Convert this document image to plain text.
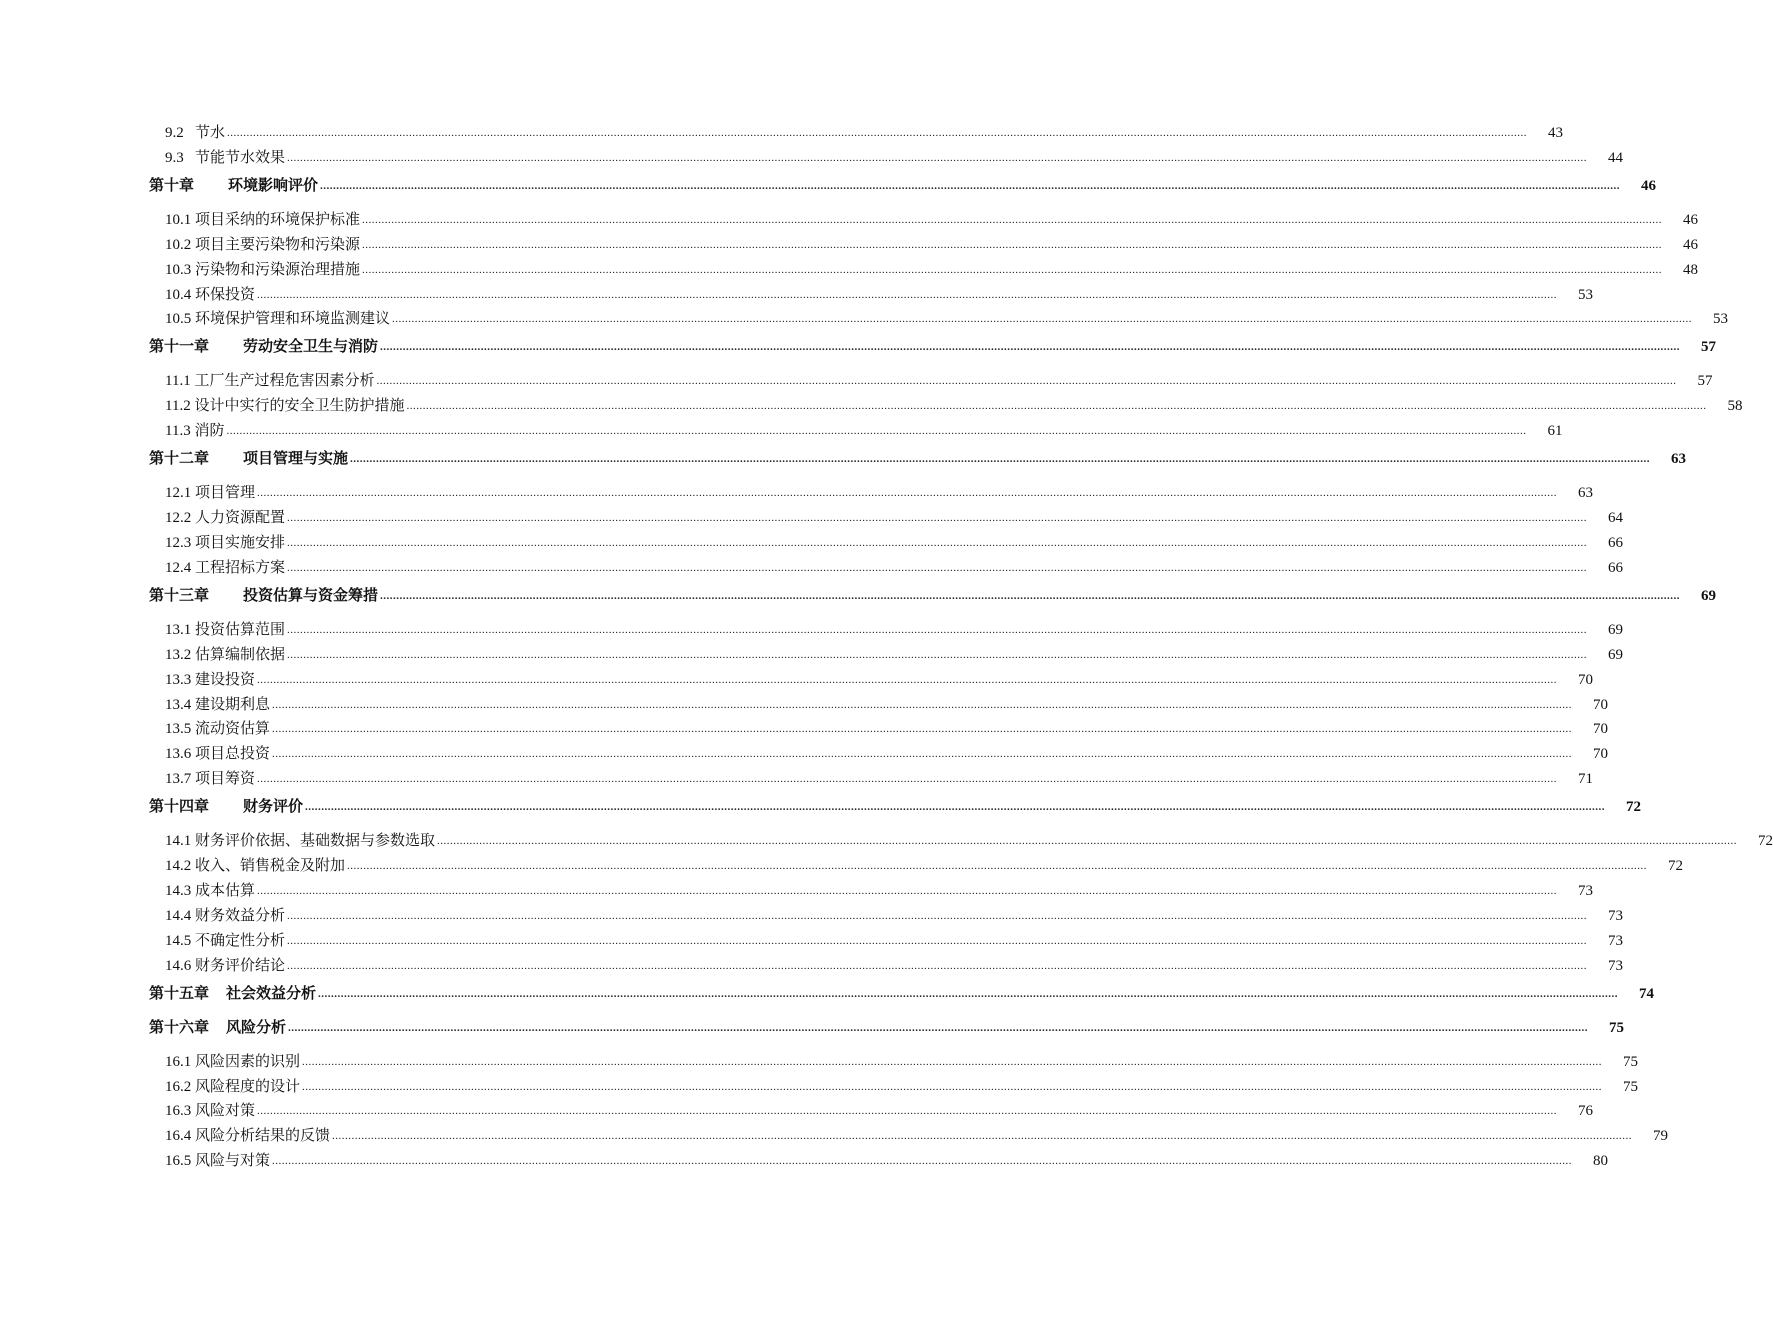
9.2 节水 ................................................................................................................................................................................................................................................................................................................................................................................................................	43
9.3 节能节水效果 ................................................................................................................................................................................................................................................................................................................................................................................................................	44
第十章 环境影响评价 ................................................................................................................................................................................................................................................................................................................................................................................................................	46
10.1 项目采纳的环境保护标准 ................................................................................................................................................................................................................................................................................................................................................................................................................	46
10.2 项目主要污染物和污染源 ................................................................................................................................................................................................................................................................................................................................................................................................................	46
10.3 污染物和污染源治理措施 ................................................................................................................................................................................................................................................................................................................................................................................................................	48
10.4 环保投资 ................................................................................................................................................................................................................................................................................................................................................................................................................	53
10.5 环境保护管理和环境监测建议 ................................................................................................................................................................................................................................................................................................................................................................................................................	53
第十一章 劳动安全卫生与消防 ................................................................................................................................................................................................................................................................................................................................................................................................................	57
11.1 工厂生产过程危害因素分析 ................................................................................................................................................................................................................................................................................................................................................................................................................	57
11.2 设计中实行的安全卫生防护措施 ................................................................................................................................................................................................................................................................................................................................................................................................................	58
11.3 消防 ................................................................................................................................................................................................................................................................................................................................................................................................................	61
第十二章 项目管理与实施 ................................................................................................................................................................................................................................................................................................................................................................................................................	63
12.1 项目管理 ................................................................................................................................................................................................................................................................................................................................................................................................................	63
12.2 人力资源配置 ................................................................................................................................................................................................................................................................................................................................................................................................................	64
12.3 项目实施安排 ................................................................................................................................................................................................................................................................................................................................................................................................................	66
12.4 工程招标方案 ................................................................................................................................................................................................................................................................................................................................................................................................................	66
第十三章 投资估算与资金筹措 ................................................................................................................................................................................................................................................................................................................................................................................................................	69
13.1 投资估算范围 ................................................................................................................................................................................................................................................................................................................................................................................................................	69
13.2 估算编制依据 ................................................................................................................................................................................................................................................................................................................................................................................................................	69
13.3 建设投资 ................................................................................................................................................................................................................................................................................................................................................................................................................	70
13.4 建设期利息 ................................................................................................................................................................................................................................................................................................................................................................................................................	70
13.5 流动资估算 ................................................................................................................................................................................................................................................................................................................................................................................................................	70
13.6 项目总投资 ................................................................................................................................................................................................................................................................................................................................................................................................................	70
13.7 项目筹资 ................................................................................................................................................................................................................................................................................................................................................................................................................	71
第十四章 财务评价 ................................................................................................................................................................................................................................................................................................................................................................................................................	72
14.1 财务评价依据、基础数据与参数选取 ................................................................................................................................................................................................................................................................................................................................................................................................................	72
14.2 收入、销售税金及附加 ................................................................................................................................................................................................................................................................................................................................................................................................................	72
14.3 成本估算 ................................................................................................................................................................................................................................................................................................................................................................................................................	73
14.4 财务效益分析 ................................................................................................................................................................................................................................................................................................................................................................................................................	73
14.5 不确定性分析 ................................................................................................................................................................................................................................................................................................................................................................................................................	73
14.6 财务评价结论 ................................................................................................................................................................................................................................................................................................................................................................................................................	73
第十五章 社会效益分析 ................................................................................................................................................................................................................................................................................................................................................................................................................	74
第十六章 风险分析 ................................................................................................................................................................................................................................................................................................................................................................................................................	75
16.1 风险因素的识别 ................................................................................................................................................................................................................................................................................................................................................................................................................	75
16.2 风险程度的设计 ................................................................................................................................................................................................................................................................................................................................................................................................................	75
16.3 风险对策 ................................................................................................................................................................................................................................................................................................................................................................................................................	76
16.4 风险分析结果的反馈 ................................................................................................................................................................................................................................................................................................................................................................................................................	79
16.5 风险与对策 ................................................................................................................................................................................................................................................................................................................................................................................................................	80
